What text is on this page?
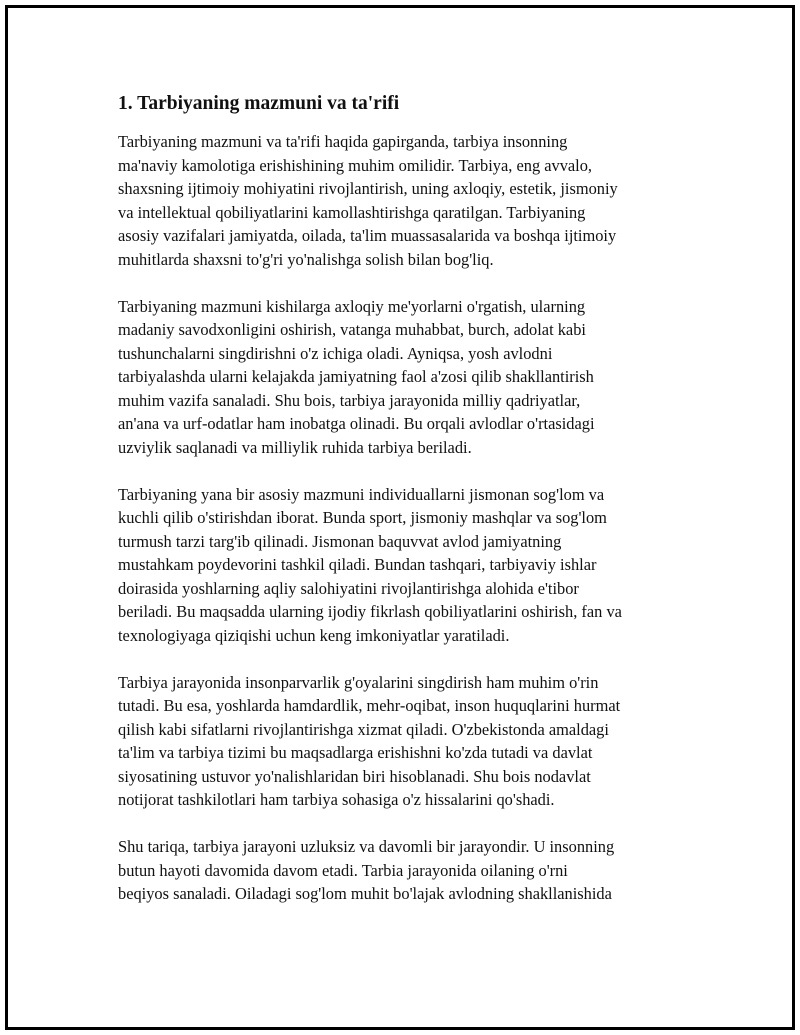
1. Tarbiyaning mazmuni va ta'rifi

Tarbiyaning mazmuni va ta'rifi haqida gapirganda, tarbiya insonning
ma'naviy kamolotiga erishishining muhim omilidir. Tarbiya, eng avvalo,
shaxsning ijtimoiy mohiyatini rivojlantirish, uning axloqiy, estetik, jismoniy
va intellektual qobiliyatlarini kamollashtirishga qaratilgan. Tarbiyaning
asosiy vazifalari jamiyatda, oilada, ta'lim muassasalarida va boshqa ijtimoiy
muhitlarda shaxsni to'g'ri yo'nalishga solish bilan bog'liq.

Tarbiyaning mazmuni kishilarga axloqiy me'yorlarni o'rgatish, ularning
madaniy savodxonligini oshirish, vatanga muhabbat, burch, adolat kabi
tushunchalarni singdirishni o'z ichiga oladi. Ayniqsa, yosh avlodni
tarbiyalashda ularni kelajakda jamiyatning faol a'zosi qilib shakllantirish
muhim vazifa sanaladi. Shu bois, tarbiya jarayonida milliy qadriyatlar,
an'ana va urf-odatlar ham inobatga olinadi. Bu orqali avlodlar o'rtasidagi
uzviylik saqlanadi va milliylik ruhida tarbiya beriladi.

Tarbiyaning yana bir asosiy mazmuni individuallarni jismonan sog'lom va
kuchli qilib o'stirishdan iborat. Bunda sport, jismoniy mashqlar va sog'lom
turmush tarzi targ'ib qilinadi. Jismonan baquvvat avlod jamiyatning
mustahkam poydevorini tashkil qiladi. Bundan tashqari, tarbiyaviy ishlar
doirasida yoshlarning aqliy salohiyatini rivojlantirishga alohida e'tibor
beriladi. Bu maqsadda ularning ijodiy fikrlash qobiliyatlarini oshirish, fan va
texnologiyaga qiziqishi uchun keng imkoniyatlar yaratiladi.

Tarbiya jarayonida insonparvarlik g'oyalarini singdirish ham muhim o'rin
tutadi. Bu esa, yoshlarda hamdardlik, mehr-oqibat, inson huquqlarini hurmat
qilish kabi sifatlarni rivojlantirishga xizmat qiladi. O'zbekistonda amaldagi
ta'lim va tarbiya tizimi bu maqsadlarga erishishni ko'zda tutadi va davlat
siyosatining ustuvor yo'nalishlaridan biri hisoblanadi. Shu bois nodavlat
notijorat tashkilotlari ham tarbiya sohasiga o'z hissalarini qo'shadi.

Shu tariqa, tarbiya jarayoni uzluksiz va davomli bir jarayondir. U insonning
butun hayoti davomida davom etadi. Tarbia jarayonida oilaning o'rni
beqiyos sanaladi. Oiladagi sog'lom muhit bo'lajak avlodning shakllanishida
